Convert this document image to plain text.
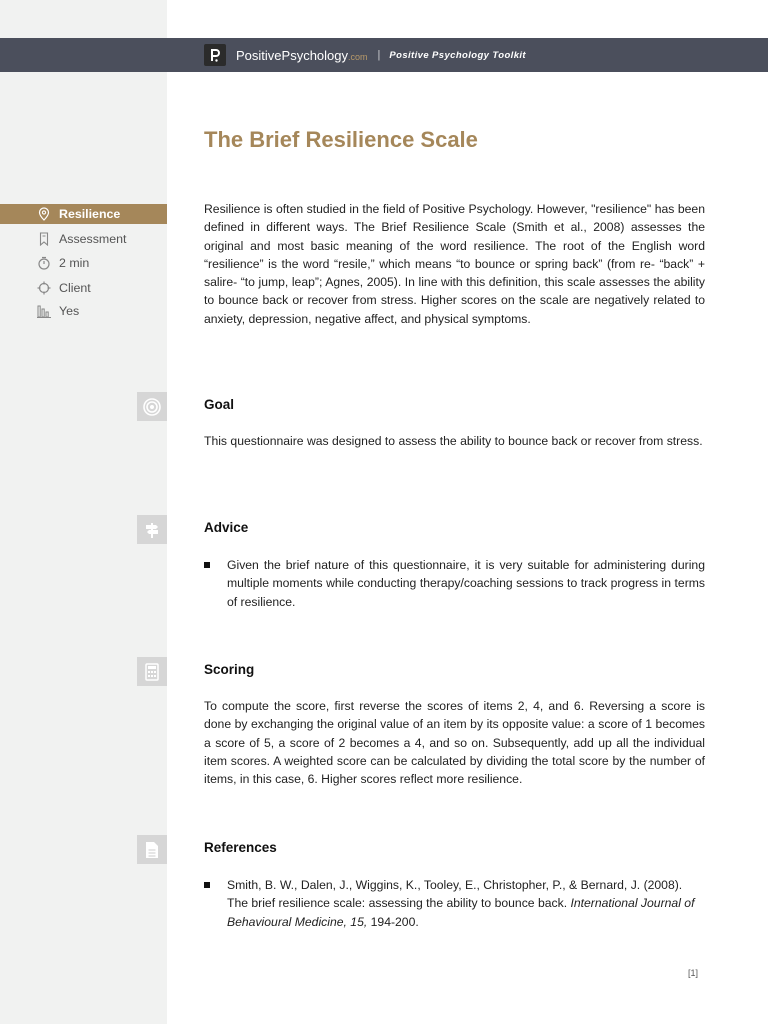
PositivePsychology.com | Positive Psychology Toolkit
The Brief Resilience Scale
Resilience
Assessment
2 min
Client
Yes

Resilience is often studied in the field of Positive Psychology. However, "resilience" has been defined in different ways. The Brief Resilience Scale (Smith et al., 2008) assesses the original and most basic meaning of the word resilience. The root of the English word “resilience” is the word “resile,” which means “to bounce or spring back” (from re- “back” + salire- “to jump, leap”; Agnes, 2005). In line with this definition, this scale assesses the ability to bounce back or recover from stress. Higher scores on the scale are negatively related to anxiety, depression, negative affect, and physical symptoms.

Goal

This questionnaire was designed to assess the ability to bounce back or recover from stress.

Advice
Given the brief nature of this questionnaire, it is very suitable for administering during multiple moments while conducting therapy/coaching sessions to track progress in terms of resilience.
Scoring

To compute the score, first reverse the scores of items 2, 4, and 6. Reversing a score is done by exchanging the original value of an item by its opposite value: a score of 1 becomes a score of 5, a score of 2 becomes a 4, and so on. Subsequently, add up all the individual item scores. A weighted score can be calculated by dividing the total score by the number of items, in this case, 6. Higher scores reflect more resilience.

References
Smith, B. W., Dalen, J., Wiggins, K., Tooley, E., Christopher, P., & Bernard, J. (2008). The brief resilience scale: assessing the ability to bounce back. International Journal of Behavioural Medicine, 15, 194-200.
[1]
